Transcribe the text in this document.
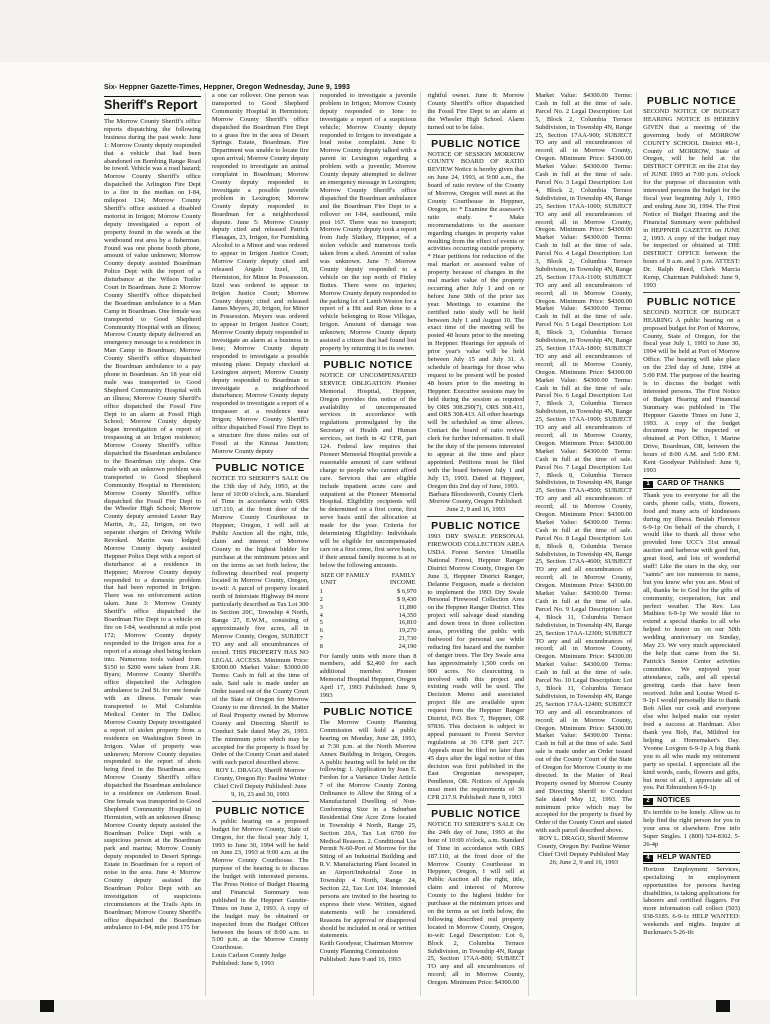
Six- Heppner Gazette-Times, Heppner, Oregon Wednesday, June 9, 1993
Sheriff's Report

The Morrow County Sheriff's office reports dispatching the following business during the past week: June 1: Morrow County deputy responded that a vehicle that had been abandoned on Bombing Range Road be towed. Vehicle was a road hazard; Morrow County Sheriff's office dispatched the Arlington Fire Dept to a fire in the median on I-84, milepost 134; Morrow County Sheriff's office assisted a disabled motorist in Irrigon; Morrow County deputy investigated a report of property found in the weeds at the westbound rest area by a fisherman. Found was one phone booth phone, amount of value unknown; Morrow County deputy assisted Boardman Police Dept with the report of a disturbance at the Wilson Trailer Court in Boardman. June 2: Morrow County Sheriff's office dispatched the Boardman ambulance to a Man Camp in Boardman. One female was transported to Good Shepherd Community Hospital with an illness; Morrow County deputy delivered an emergency message to a residence in Man Camp in Boardman; Morrow County Sheriff's office dispatched the Boardman ambulance to a pay phone in Boardman. An 18 year old male was transported to Good Shepherd Community Hospital with an illness; Morrow County Sheriff's office dispatched the Fossil Fire Dept to an alarm at Fossil High School; Morrow County deputy began investigation of a report of trespassing at an Irrigon residence; Morrow County Sheriff's office dispatched the Boardman ambulance to the Boardman city shops. One male with an unknown problem was transported to Good Shepherd Community Hospital in Hermiston; Morrow County Sheriff's office dispatched the Fossil Fire Dept to the Wheeler High School; Morrow County deputy arrested Lester Ray Martin, Jr., 22, Irrigon, on two separate charges of Driving While Revoked. Martin was lodged; Morrow County deputy assisted Heppner Police Dept with a report of disturbance at a residence in Heppner; Morrow County deputy responded to a domestic problem that had been reported in Irrigon. There was no enforcement action taken. June 3: Morrow County Sheriff's office dispatched the Boardman Fire Dept to a vehicle on fire on I-84, westbound at mile post 172; Morrow County deputy responded to the Irrigon area for a report of a storage shed being broken into. Numerous tools valued from $150 to $200 were taken from J.R. Byars; Morrow County Sheriff's office dispatched the Arlington ambulance to 2nd St. for one female with an illness. Female was transported to Mid Columbia Medical Center in The Dalles; Morrow County Deputy investigated a report of stolen property from a residence on Washington Street in Irrigon. Value of property was unknown; Morrow County deputies responded to the report of shots being fired in the Boardman area; Morrow County Sheriff's office dispatched the Boardman ambulance to a residence on Anderson Road. One female was transported to Good Shepherd Community Hospital in Hermiston, with an unknown illness; Morrow County deputy assisted the Boardman Police Dept with a suspicious person at the Boardman park and marina; Morrow County deputy responded to Desert Springs Estate in Boardman for a report of noise in the area. June 4: Morrow County deputy assisted the Boardman Police Dept with an investigation of suspicious circumstances at the Trails Apts in Boardman; Morrow County Sheriff's office dispatched the Boardman ambulance to I-84, mile post 175 for

a one car rollover. One person was transported to Good Shepherd Community Hospital in Hermiston; Morrow County Sheriff's office dispatched the Boardman Fire Dept to a grass fire in the area of Desert Springs Estate, Boardman. Fire Department was unable to locate fire upon arrival; Morrow County deputy responded to investigate an animal complaint in Boardman; Morrow County deputy responded to investigate a possible juvenile problem in Lexington; Morrow County deputy responded to Boardman for a neighborhood dispute. June 5: Morrow County deputy cited and released Patrick Flanagan, 23, Irrigon, for Furnishing Alcohol to a Minor and was ordered to appear in Irrigon Justice Court; Morrow County deputy cited and released Angelo Izzel, 18, Hermiston, for Minor In Possession. Izzel was ordered to appear in Irrigon Justice Court; Morrow County deputy cited and released James Meyers, 20, Irrigon, for Minor in Possession. Meyers was ordered to appear in Irrigon Justice Court; Morrow County deputy responded to investigate an alarm at a business in Ione; Morrow County deputy responded to investigate a possible missing plane. Deputy checked at Lexington airport; Morrow County deputy responded to Boardman to investigate a neighborhood disturbance; Morrow County deputy responded to investigate a report of a trespasser at a residence near Irrigon; Morrow County Sheriff's office dispatched Fossil Fire Dept to a structure fire three miles out of Fossil at the Kinzua Junction; Morrow County deputy

PUBLIC NOTICE

NOTICE TO SHERIFF'S SALE On the 13th day of July, 1993, at the hour of 10:00 o'clock, a.m. Standard of Time in accordance with ORS 187.110, at the front door of the Morrow County Courthouse in Heppner, Oregon, I will sell at Public Auction all the right, title, claim and interest of Morrow County to the highest bidder for purchase at the minimum prices and on the terms as set forth below, the following described real property located in Morrow County, Oregon, to-wit: A parcel of property located north of Interstate Highway 84 more particularly described as Tax Lot 300 in Section 20C, Township 4 North, Range 27, E.W.M., consisting of approximately five acres, all in Morrow County, Oregon, SUBJECT TO any and all encumbrances of record. THIS PROPERTY HAS NO LEGAL ACCESS. Minimum Price: $3000.00 Market Value: $3000.00 Terms: Cash in full at the time of sale. Said sale is made under an Order issued out of the County Court of the State of Oregon for Morrow County to me directed. In the Matter of Real Property owned by Morrow County and Directing Sheriff to Conduct Sale dated May 26, 1993. The minimum price which may be accepted for the property is fixed by Order of the County Court and stated with each parcel described above.

ROY L. DRAGO, Sheriff Morrow County, Oregon By: Pauline Winter Chief Civil Deputy Published: June 9, 16, 23 and 30, 1993

PUBLIC NOTICE

A public hearing on a proposed budget for Morrow County, State of Oregon, for the fiscal year July 1, 1993 to June 30, 1994 will be held on June 23, 1993 at 9:00 a.m. at the Morrow County Courthouse. The purpose of the hearing is to discuss the budget with interested persons. The Press Notice of Budget Hearing and Financial Summary was published in the Heppner Gazette-Times on June 2, 1993. A copy of the budget may be obtained or inspected from the Budget Officer between the hours of 8:00 a.m. to 5:00 p.m. at the Morrow County Courthouse.

Louis Carlson County Judge Published: June 9, 1993

responded to investigate a juvenile problem in Irrigon; Morrow County deputy responded to Ione to investigate a report of a suspicious vehicle; Morrow County deputy responded to Irrigon to investigate a loud noise complaint. June 6: Morrow County deputy talked with a parent in Lexington regarding a problem with a juvenile; Morrow County deputy attempted to deliver an emergency message in Lexington; Morrow County Sheriff's office dispatched the Boardman ambulance and the Boardman Fire Dept to a rollover on I-84, eastbound, mile post 167. There was no transport; Morrow County deputy took a report from Judy Slutkey, Heppner, of a stolen vehicle and numerous tools taken from a shed. Amount of value was unknown. June 7: Morrow County deputy responded to a vehicle on the top north of Finley Buttes. There were no injuries; Morrow County deputy responded to the parking lot of Lamb Weston for a report of a Hit and Run done to a vehicle belonging to Rose Villegas, Irrigon. Amount of damage was unknown; Morrow County deputy assisted a citizen that had found lost property by returning it to its owner.

PUBLIC NOTICE

NOTICE OF UNCOMPENSATED SERVICE OBLIGATION Pioneer Memorial Hospital, Heppner, Oregon provides this notice of the availability of uncompensated services in accordance with regulations promulgated by the Secretary of Health and Human services, set forth in 42 CFR, part 124. Federal law requires that Pioneer Memorial Hospital provide a reasonable amount of care without charge to people who cannot afford care. Services that are eligible include inpatient acute care and outpatient at the Pioneer Memorial Hospital. Eligibility recipients will be determined on a first come, first serve basis until the allocation at made for the year. Criteria for determining Eligibility: Individuals will be eligible for uncompensated care on a first come, first serve basis, if their annual family income is at or below the following amounts.

SIZE OF FAMILY UNIT	FAMILY INCOME
1	$ 6,970
2	$ 9,430
3	11,890
4	14,350
5	16,810
6	19,270
7	21,730
8	24,190

For family units with more than 8 members, add $2,460 for each additional member. Pioneer Memorial Hospital Heppner, Oregon April 17, 1993 Published: June 9, 1993

PUBLIC NOTICE

The Morrow County Planning Commission will hold a public hearing on Monday, June 28, 1993, at 7:30 p.m. at the North Morrow Annex Building in Irrigon, Oregon. A public hearing will be held on the following: 1. Application by Joan E. Ferdon for a Variance Under Article 7 of the Morrow County Zoning Ordinance to Allow the Siting of a Manufactured Dwelling of Non-Conforming Size in a Suburban Residential One Acre Zone located in Township 4 North, Range 25, Section 20A, Tax Lot 6700 for Medical Reasons. 2. Conditional Use Permit N-60-Port of Morrow for the Siting of an Industrial Building and R.V. Manufacturing Plant located in an Airport/Industrial Zone in Township 4 North, Range 24, Section 22, Tax Lot 104. Interested persons are invited to the hearing to express their view. Written, signed statements will be considered. Reasons for approval or disapproval should be included in oral or written statements.

Keith Goodyear, Chairman Morrow County Planning Commission Published: June 9 and 16, 1993

rightful owner. June 8: Morrow County Sheriff's office dispatched the Fossil Fire Dept to an alarm at the Wheeler High School. Alarm turned out to be false.

PUBLIC NOTICE

NOTICE OF SESSION MORROW COUNTY BOARD OF RATIO REVIEW Notice is hereby given that on June 24, 1993, at 9:00 a.m., the board of ratio review of the County of Morrow, Oregon will meet at the County Courthouse in Heppner, Oregon, to: * Examine the assessor's ratio study. * Make recommendations to the assessor regarding changes in property value resulting from the effect of events or activities occurring outside property. * Hear petitions for reduction of the real market or assessed value of property because of changes in the real market value of the property occurring after July 1 and on or before June 30th of the prior tax year. Meetings to examine the certified ratio study will be held between July 1 and August 10. The exact time of the meeting will be posted 48 hours prior to the meeting in Heppner. Hearings for appeals of prior year's value will be held between July 15 and July 31. A schedule of hearings for those who request to be present will be posted 48 hours prior to the meeting in Heppner. Executive sessions may be held during the session as required by ORS 308.290(7), ORS 308.411, and ORS 308.413. All other hearings will be scheduled as time allows. Contact the board of ratio review clerk for further information. It shall be the duty of the persons interested to appear at the time and place appointed. Petitions must be filed with the board between July 1 and July 15, 1993. Dated at Heppner, Oregon this 2nd day of June, 1993.

Barbara Bloodsworth, County Clerk Morrow County, Oregon Published: June 2, 9 and 16, 1993

PUBLIC NOTICE

1993 DRY SWALE PERSONAL FIREWOOD COLLECTION AREA USDA Forest Service Umatilla National Forest, Heppner Ranger District Morrow County, Oregon On June 3, Heppner District Ranger, Delanne Ferguson, made a decision to implement the 1993 Dry Swale Personal Firewood Collection Area on the Heppner Ranger District. This project will salvage dead standing and down trees in three collection areas, providing the public with fuelwood for personal use while reducing fire hazard and the number of danger trees. The Dry Swale area has approximately 1,500 cords on 900 acres. No clearcutting is involved with this project and existing roads will be used. The Decision Memo and associated project file are available upon request from the Heppner Ranger District, P.O. Box 7, Heppner, OR 97836. This decision is subject to appeal pursuant to Forest Service regulations at 36 CFR part 217. Appeals must be filed no later than 45 days after the legal notice of this decision was first published in the East Oregonian newspaper, Pendleton, OR. Notices of Appeals must meet the requirements of 36 CFR 217.9. Published: June 9, 1993

PUBLIC NOTICE

NOTICE TO SHERIFF'S SALE On the 24th day of June, 1993 at the hour of 10:00 o'clock, a.m. Standard of Time in accordance with ORS 187.110, at the front door of the Morrow County Courthouse in Heppner, Oregon, I will sell at Public Auction all the right, title, claim and interest of Morrow County to the highest bidder for purchase at the minimum prices and on the terms as set forth below, the following described real property located in Morrow County, Oregon, to-wit: Legal Description: Lot 6, Block 2, Columbia Terrace Subdivision, in Township 4N, Range 25, Section 17AA-800; SUBJECT TO any and all encumbrances of record; all in Morrow County, Oregon. Minimum Price: $4300.00

Market Value: $4300.00 Terms: Cash in full at the time of sale. Parcel No. 2 Legal Description: Lot 5, Block 2, Columbia Terrace Subdivision, in Township 4N, Range 25, Section 17AA-900; SUBJECT TO any and all encumbrances of record; all in Morrow County, Oregon. Minimum Price: $4300.00 Market Value: $4300.00 Terms: Cash in full at the time of sale. Parcel No. 3 Legal Description: Lot 4, Block 2, Columbia Terrace Subdivision, in Township 4N, Range 25, Section 17AA-1000; SUBJECT TO any and all encumbrances of record; all in Morrow County, Oregon. Minimum Price: $4300.00 Market Value: $4300.00 Terms: Cash in full at the time of sale. Parcel No. 4 Legal Description: Lot 3, Block 2, Columbia Terrace Subdivision, in Township 4N, Range 25, Section 17AA-1100; SUBJECT TO any and all encumbrances of record; all in Morrow County, Oregon. Minimum Price: $4300.00 Market Value: $4300.00 Terms: Cash in full at the time of sale. Parcel No. 5 Legal Description: Lot 8, Block 3, Columbia Terrace Subdivision, in Township 4N, Range 25, Section 17AA-1800; SUBJECT TO any and all encumbrances of record; all in Morrow County, Oregon. Minimum Price: $4300.00 Market Value: $4300.00 Terms: Cash in full at the time of sale. Parcel No. 6 Legal Description: Lot 7, Block 3, Columbia Terrace Subdivision, in Township 4N, Range 25, Section 17AA-1900; SUBJECT TO any and all encumbrances of record; all in Morrow County, Oregon. Minimum Price: $4300.00 Market Value: $4300.00 Terms: Cash in full at the time of sale. Parcel No. 7 Legal Description: Lot 7, Block 8, Columbia Terrace Subdivision, in Township 4N, Range 25, Section 17AA-4500; SUBJECT TO any and all encumbrances of record; all in Morrow County, Oregon. Minimum Price: $4300.00 Market Value: $4300.00 Terms: Cash in full at the time of sale. Parcel No. 8 Legal Description: Lot 8, Block 8, Columbia Terrace Subdivision, in Township 4N, Range 25, Section 17AA-4600; SUBJECT TO any and all encumbrances of record; all in Morrow County, Oregon. Minimum Price: $4300.00 Market Value: $4300.00 Terms: Cash in full at the time of sale. Parcel No. 9 Legal Description: Lot 4, Block 11, Columbia Terrace Subdivision, in Township 4N, Range 25, Section 17AA-12300; SUBJECT TO any and all encumbrances of record; all in Morrow County, Oregon. Minimum Price: $4300.00 Market Value: $4300.00 Terms: Cash in full at the time of sale. Parcel No. 10 Legal Description: Lot 3, Block 11, Columbia Terrace Subdivision, in Township 4N, Range 25, Section 17AA-12400; SUBJECT TO any and all encumbrances of record; all in Morrow County, Oregon. Minimum Price: $4300.00 Market Value: $4300.00 Terms: Cash in full at the time of sale. Said sale is made under an Order issued out of the County Court of the State of Oregon for Morrow County to me directed. In the Matter of Real Property owned by Morrow County and Directing Sheriff to Conduct Sale dated May 12, 1993. The minimum price which may be accepted for the property is fixed by Order of the County Court and stated with each parcel described above.

ROY L. DRAGO, Sheriff Morrow County, Oregon By: Pauline Winter Chief Civil Deputy Published May 26; June 2, 9 and 16, 1993

PUBLIC NOTICE

SECOND NOTICE OF BUDGET HEARING NOTICE IS HEREBY GIVEN that a meeting of the governing body of MORROW COUNTY SCHOOL District #R-1, County of MORROW, State of Oregon, will be held at the DISTRICT OFFICE on the 21st day of JUNE 1993 at 7:00 p.m. o'clock for the purpose of discussion with interested persons the budget for the fiscal year beginning July 1, 1993 and ending June 30, 1994. The First Notice of Budget Hearing and the Financial Summary were published in HEPPNER GAZETTE on JUNE 2, 1993. A copy of the budget may be inspected or obtained at THE DISTRICT OFFICE between the hours of 9 a.m. and 3 p.m. ATTEST: Dr. Ralph Reed, Clerk Marcia Kemp, Chairman Published: June 9, 1993

PUBLIC NOTICE

SECOND NOTICE OF BUDGET HEARING A public hearing on a proposed budget for Port of Morrow, County, State of Oregon, for the fiscal year July 1, 1993 to June 30, 1994 will be held at Port of Morrow Office. The hearing will take place on the 23rd day of June, 1994 at 5:00 P.M. The purpose of the hearing is to discuss the budget with interested persons. The First Notice of Budget Hearing and Financial Summary was published in The Heppner Gazette Times on June 2, 1993. A copy of the budget document may be inspected or obtained at Port Office, 1 Marine Drive, Boardman, OR, between the hours of 8:00 A.M. and 5:00 P.M. Kent Goodyear Published: June 9, 1993

1 CARD OF THANKS

Thank you to everyone for all the cards, phone calls, visits, flowers, food and many acts of kindnesses during my illness. Beulah Florence 6-9-1p On behalf of the church, I would like to thank all those who provided Ione UCC's 31st annual auction and barbecue with good fun, great food, and lots of wonderful stuff! Like the stars in the sky, our "saints" are too numerous to name, but you know who you are. Most of all, thanks be to God for the gifts of community, cooperation, fun and perfect weather. The Rev. Lea Mathieu 6-9-1p We would like to extend a special thanks to all who helped to honor us on our 50th wedding anniversary on Sunday, May 23. We very much appreciated the help that came from the St. Patrick's Senior Center activities committee. We enjoyed your attendance, calls, and all special greeting cards that have been received. John and Louise Wood 6-9-1p I would personally like to thank Bob Allen our cook and everyone else who helped make our oyster feed a success at Hardman. Also thank you Bob, Pat, Mildred for helping at Homemaker's Day. Yvonne Lovgren 6-9-1p A big thank you to all who made my retirement party so special. I appreciate all the kind words, cards, flowers and gifts, but most of all, I appreciate all of you. Pat Edmundson 6-9-1p

2 NOTICES

It's terrible to be lonely. Allow us to help find the right person for you in your area or elsewhere. Free info Super Singles. 1 (800) 524-8362. 5-26-4p

4 HELP WANTED

Horizon Employment Services, specializing in employment opportunities for persons having disabilities, is taking applications for laborers and certified flaggers. For more information call collect (503) 938-5185. 6-9-1c HELP WANTED: weekends and nights. Inquire at Buckman's 5-26-tfc
